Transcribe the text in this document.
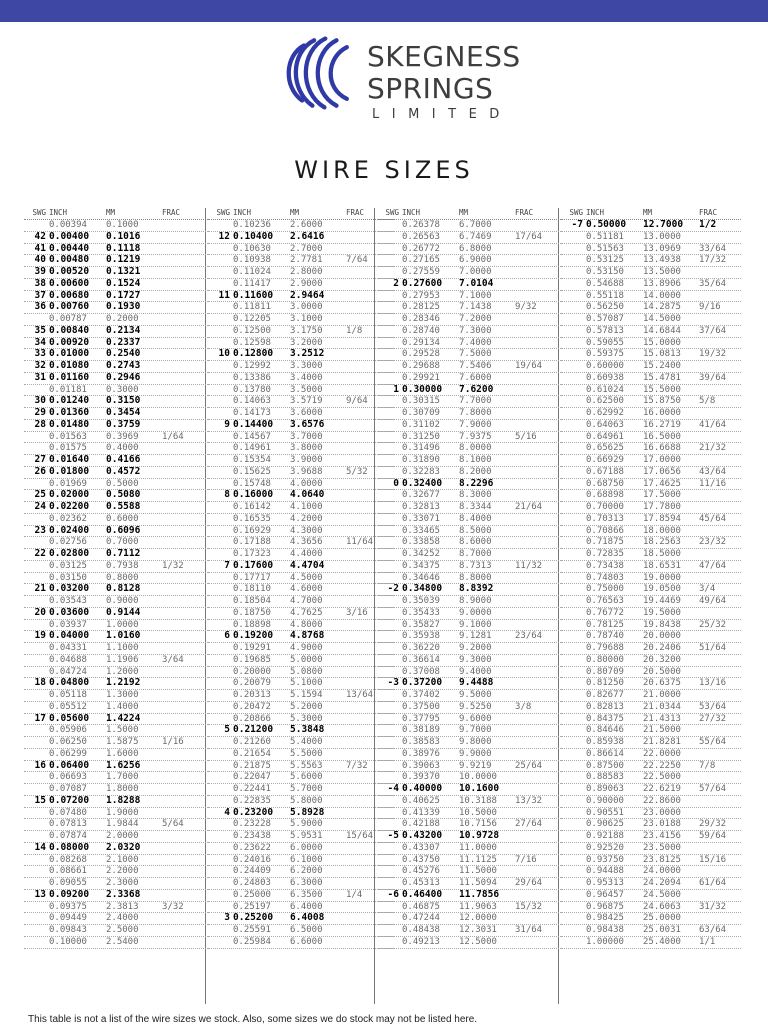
SKEGNESS
SPRINGS
LIMITED
WIRE SIZES
SWG INCH	MM	FRAC
0.00394 0.1000
42 0.00400 0.1016
41 0.00440 0.1118
40 0.00480 0.1219
39 0.00520 0.1321
38 0.00600 0.1524
37 0.00680 0.1727
36 0.00760 0.1930
0.00787 0.2000
35 0.00840 0.2134
34 0.00920 0.2337
33 0.01000 0.2540
32 0.01080 0.2743
31 0.01160 0.2946
0.01181 0.3000
30 0.01240 0.3150
29 0.01360 0.3454
28 0.01480 0.3759
0.01563 0.3969	1/64
0.01575 0.4000
27 0.01640 0.4166
26 0.01800 0.4572
0.01969 0.5000
25 0.02000 0.5080
24 0.02200 0.5588
0.02362 0.6000
23 0.02400 0.6096
0.02756 0.7000
22 0.02800 0.7112
0.03125 0.7938	1/32
0.03150 0.8000
21 0.03200 0.8128
0.03543 0.9000
20 0.03600 0.9144
0.03937 1.0000
19 0.04000 1.0160
0.04331 1.1000
0.04688 1.1906	3/64
0.04724 1.2000
18 0.04800 1.2192
0.05118 1.3000
0.05512 1.4000
17 0.05600 1.4224
0.05906 1.5000
0.06250 1.5875	1/16
0.06299 1.6000
16 0.06400 1.6256
0.06693 1.7000
0.07087 1.8000
15 0.07200 1.8288
0.07480 1.9000
0.07813 1.9844	5/64
0.07874 2.0000
14 0.08000 2.0320
0.08268 2.1000
0.08661 2.2000
0.09055 2.3000
13 0.09200 2.3368
0.09375 2.3813	3/32
0.09449 2.4000
0.09843 2.5000
0.10000 2.5400
SWG INCH	MM	FRAC
0.10236 2.6000
12 0.10400 2.6416
0.10630 2.7000
0.10938 2.7781	7/64
0.11024 2.8000
0.11417 2.9000
11 0.11600 2.9464
0.11811 3.0000
0.12205 3.1000
0.12500 3.1750	1/8
0.12598 3.2000
10 0.12800 3.2512
0.12992 3.3000
0.13386 3.4000
0.13780 3.5000
0.14063 3.5719	9/64
0.14173 3.6000
9 0.14400 3.6576
0.14567 3.7000
0.14961 3.8000
0.15354 3.9000
0.15625 3.9688	5/32
0.15748 4.0000
8 0.16000 4.0640
0.16142 4.1000
0.16535 4.2000
0.16929 4.3000
0.17188 4.3656	11/64
0.17323 4.4000
7 0.17600 4.4704
0.17717 4.5000
0.18110 4.6000
0.18504 4.7000
0.18750 4.7625	3/16
0.18898 4.8000
6 0.19200 4.8768
0.19291 4.9000
0.19685 5.0000
0.20000 5.0800
0.20079 5.1000
0.20313 5.1594	13/64
0.20472 5.2000
0.20866 5.3000
5 0.21200 5.3848
0.21260 5.4000
0.21654 5.5000
0.21875 5.5563	7/32
0.22047 5.6000
0.22441 5.7000
0.22835 5.8000
4 0.23200 5.8928
0.23228 5.9000
0.23438 5.9531	15/64
0.23622 6.0000
0.24016 6.1000
0.24409 6.2000
0.24803 6.3000
0.25000 6.3500	1/4
0.25197 6.4000
3 0.25200 6.4008
0.25591 6.5000
0.25984 6.6000
SWG INCH	MM	FRAC
0.26378 6.7000
0.26563 6.7469	17/64
0.26772 6.8000
0.27165 6.9000
0.27559 7.0000
2 0.27600 7.0104
0.27953 7.1000
0.28125 7.1438	9/32
0.28346 7.2000
0.28740 7.3000
0.29134 7.4000
0.29528 7.5000
0.29688 7.5406	19/64
0.29921 7.6000
1 0.30000 7.6200
0.30315 7.7000
0.30709 7.8000
0.31102 7.9000
0.31250 7.9375	5/16
0.31496 8.0000
0.31890 8.1000
0.32283 8.2000
0 0.32400 8.2296
0.32677 8.3000
0.32813 8.3344	21/64
0.33071 8.4000
0.33465 8.5000
0.33858 8.6000
0.34252 8.7000
0.34375 8.7313	11/32
0.34646 8.8000
-2 0.34800 8.8392
0.35039 8.9000
0.35433 9.0000
0.35827 9.1000
0.35938 9.1281	23/64
0.36220 9.2000
0.36614 9.3000
0.37008 9.4000
-3 0.37200 9.4488
0.37402 9.5000
0.37500 9.5250	3/8
0.37795 9.6000
0.38189 9.7000
0.38583 9.8000
0.38976 9.9000
0.39063 9.9219	25/64
0.39370 10.0000
-4 0.40000 10.1600
0.40625 10.3188 13/32
0.41339 10.5000
0.42188 10.7156 27/64
-5 0.43200 10.9728
0.43307 11.0000
0.43750 11.1125 7/16
0.45276 11.5000
0.45313 11.5094 29/64
-6 0.46400 11.7856
0.46875 11.9063 15/32
0.47244 12.0000
0.48438 12.3031 31/64
0.49213 12.5000
SWG INCH	MM	FRAC
-7 0.50000 12.7000 1/2
0.51181 13.0000
0.51563 13.0969 33/64
0.53125 13.4938 17/32
0.53150 13.5000
0.54688 13.8906 35/64
0.55118 14.0000
0.56250 14.2875 9/16
0.57087 14.5000
0.57813 14.6844 37/64
0.59055 15.0000
0.59375 15.0813 19/32
0.60000 15.2400
0.60938 15.4781 39/64
0.61024 15.5000
0.62500 15.8750 5/8
0.62992 16.0000
0.64063 16.2719 41/64
0.64961 16.5000
0.65625 16.6688 21/32
0.66929 17.0000
0.67188 17.0656 43/64
0.68750 17.4625 11/16
0.68898 17.5000
0.70000 17.7800
0.70313 17.8594 45/64
0.70866 18.0000
0.71875 18.2563 23/32
0.72835 18.5000
0.73438 18.6531 47/64
0.74803 19.0000
0.75000 19.0500 3/4
0.76563 19.4469 49/64
0.76772 19.5000
0.78125 19.8438 25/32
0.78740 20.0000
0.79688 20.2406 51/64
0.80000 20.3200
0.80709 20.5000
0.81250 20.6375 13/16
0.82677 21.0000
0.82813 21.0344 53/64
0.84375 21.4313 27/32
0.84646 21.5000
0.85938 21.8281 55/64
0.86614 22.0000
0.87500 22.2250 7/8
0.88583 22.5000
0.89063 22.6219 57/64
0.90000 22.8600
0.90551 23.0000
0.90625 23.0188 29/32
0.92188 23.4156 59/64
0.92520 23.5000
0.93750 23.8125 15/16
0.94488 24.0000
0.95313 24.2094 61/64
0.96457 24.5000
0.96875 24.6063 31/32
0.98425 25.0000
0.98438 25.0031 63/64
1.00000 25.4000 1/1
This table is not a list of the wire sizes we stock. Also, some sizes we do stock may not be listed here.
